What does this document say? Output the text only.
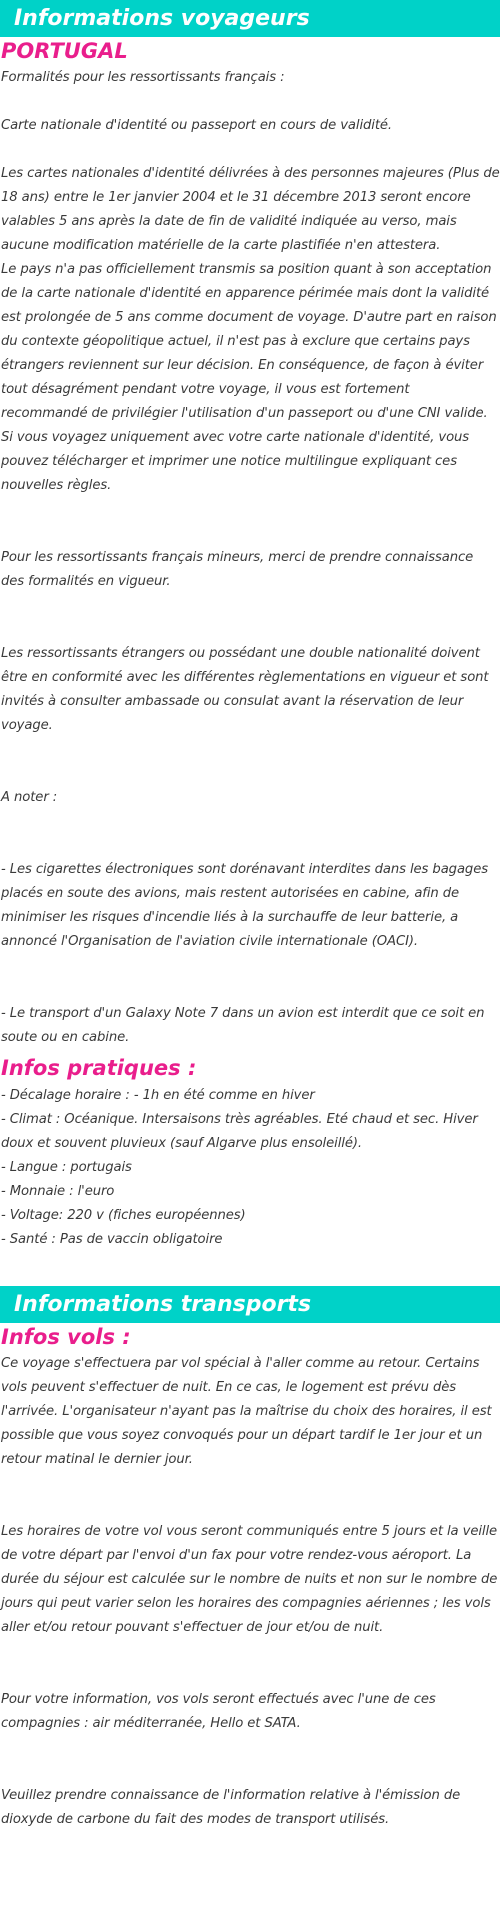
Informations voyageurs
PORTUGAL

Formalités pour les ressortissants français :

Carte nationale d'identité ou passeport en cours de validité.

Les cartes nationales d'identité délivrées à des personnes majeures (Plus de 18 ans) entre le 1er janvier 2004 et le 31 décembre 2013 seront encore valables 5 ans après la date de fin de validité indiquée au verso, mais aucune modification matérielle de la carte plastifiée n'en attestera.
Le pays n'a pas officiellement transmis sa position quant à son acceptation de la carte nationale d'identité en apparence périmée mais dont la validité est prolongée de 5 ans comme document de voyage. D'autre part en raison du contexte géopolitique actuel, il n'est pas à exclure que certains pays étrangers reviennent sur leur décision. En conséquence, de façon à éviter tout désagrément pendant votre voyage, il vous est fortement recommandé de privilégier l'utilisation d'un passeport ou d'une CNI valide.
Si vous voyagez uniquement avec votre carte nationale d'identité, vous pouvez télécharger et imprimer une notice multilingue expliquant ces nouvelles règles.

Pour les ressortissants français mineurs, merci de prendre connaissance des formalités en vigueur.

Les ressortissants étrangers ou possédant une double nationalité doivent être en conformité avec les différentes règlementations en vigueur et sont invités à consulter ambassade ou consulat avant la réservation de leur voyage.

A noter :

- Les cigarettes électroniques sont dorénavant interdites dans les bagages placés en soute des avions, mais restent autorisées en cabine, afin de minimiser les risques d'incendie liés à la surchauffe de leur batterie, a annoncé l'Organisation de l'aviation civile internationale (OACI).

- Le transport d'un Galaxy Note 7 dans un avion est interdit que ce soit en soute ou en cabine.

Infos pratiques :

- Décalage horaire : - 1h en été comme en hiver
- Climat : Océanique. Intersaisons très agréables. Eté chaud et sec. Hiver doux et souvent pluvieux (sauf Algarve plus ensoleillé).
- Langue : portugais
- Monnaie : l'euro
- Voltage: 220 v (fiches européennes)
- Santé : Pas de vaccin obligatoire

Informations transports
Infos vols :

Ce voyage s'effectuera par vol spécial à l'aller comme au retour. Certains vols peuvent s'effectuer de nuit. En ce cas, le logement est prévu dès l'arrivée. L'organisateur n'ayant pas la maîtrise du choix des horaires, il est possible que vous soyez convoqués pour un départ tardif le 1er jour et un retour matinal le dernier jour.

Les horaires de votre vol vous seront communiqués entre 5 jours et la veille de votre départ par l'envoi d'un fax pour votre rendez-vous aéroport. La durée du séjour est calculée sur le nombre de nuits et non sur le nombre de jours qui peut varier selon les horaires des compagnies aériennes ; les vols aller et/ou retour pouvant s'effectuer de jour et/ou de nuit.

Pour votre information, vos vols seront effectués avec l'une de ces compagnies : air méditerranée, Hello et SATA.

Veuillez prendre connaissance de l'information relative à l'émission de dioxyde de carbone du fait des modes de transport utilisés.
